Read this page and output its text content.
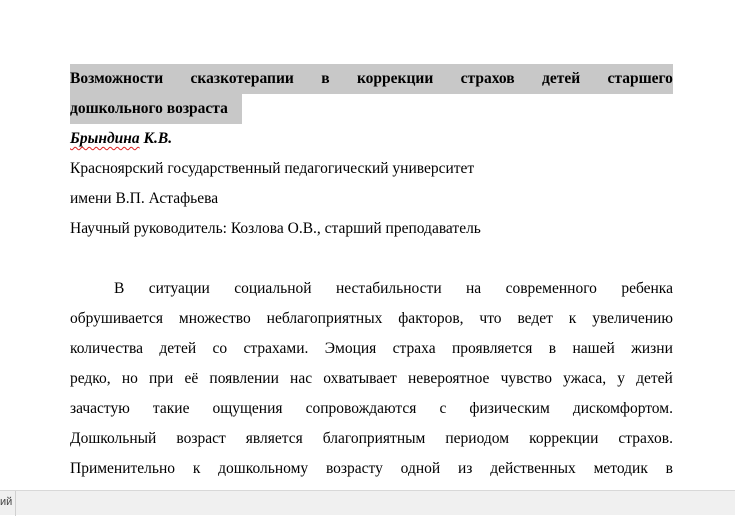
Возможности сказкотерапии в коррекции страхов детей старшего
дошкольного возраста
Брындина К.В.
Красноярский государственный педагогический университет
имени В.П. Астафьева
Научный руководитель: Козлова О.В., старший преподаватель
В ситуации социальной нестабильности на современного ребенка
обрушивается множество неблагоприятных факторов, что ведет к увеличению
количества детей со страхами. Эмоция страха проявляется в нашей жизни
редко, но при её появлении нас охватывает невероятное чувство ужаса, у детей
зачастую такие ощущения сопровождаются с физическим дискомфортом.
Дошкольный возраст является благоприятным периодом коррекции страхов.
Применительно к дошкольному возрасту одной из действенных методик в
ий
